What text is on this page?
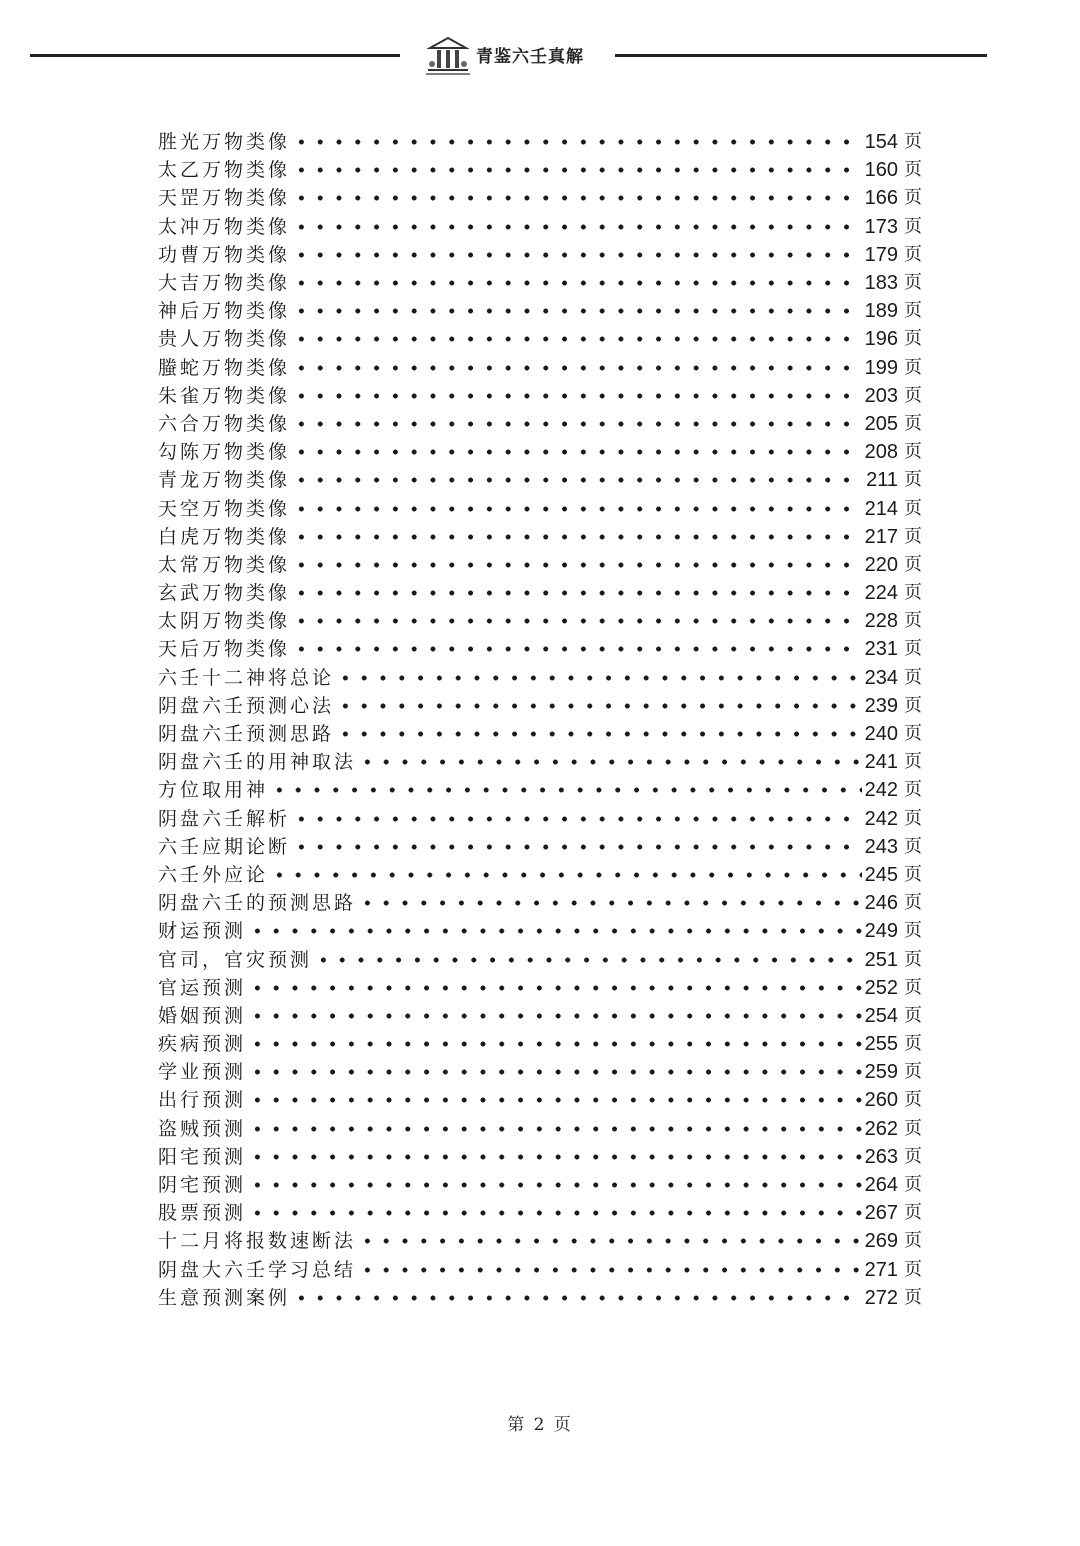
青鉴六壬真解
胜光万物类像	154 页
太乙万物类像	160 页
天罡万物类像	166 页
太冲万物类像	173 页
功曹万物类像	179 页
大吉万物类像	183 页
神后万物类像	189 页
贵人万物类像	196 页
螣蛇万物类像	199 页
朱雀万物类像	203 页
六合万物类像	205 页
勾陈万物类像	208 页
青龙万物类像	211 页
天空万物类像	214 页
白虎万物类像	217 页
太常万物类像	220 页
玄武万物类像	224 页
太阴万物类像	228 页
天后万物类像	231 页
六壬十二神将总论	234 页
阴盘六壬预测心法	239 页
阴盘六壬预测思路	240 页
阴盘六壬的用神取法	241 页
方位取用神	242 页
阴盘六壬解析	242 页
六壬应期论断	243 页
六壬外应论	245 页
阴盘六壬的预测思路	246 页
财运预测	249 页
官司，官灾预测	251 页
官运预测	252 页
婚姻预测	254 页
疾病预测	255 页
学业预测	259 页
出行预测	260 页
盗贼预测	262 页
阳宅预测	263 页
阴宅预测	264 页
股票预测	267 页
十二月将报数速断法	269 页
阴盘大六壬学习总结	271 页
生意预测案例	272 页
第 2 页
